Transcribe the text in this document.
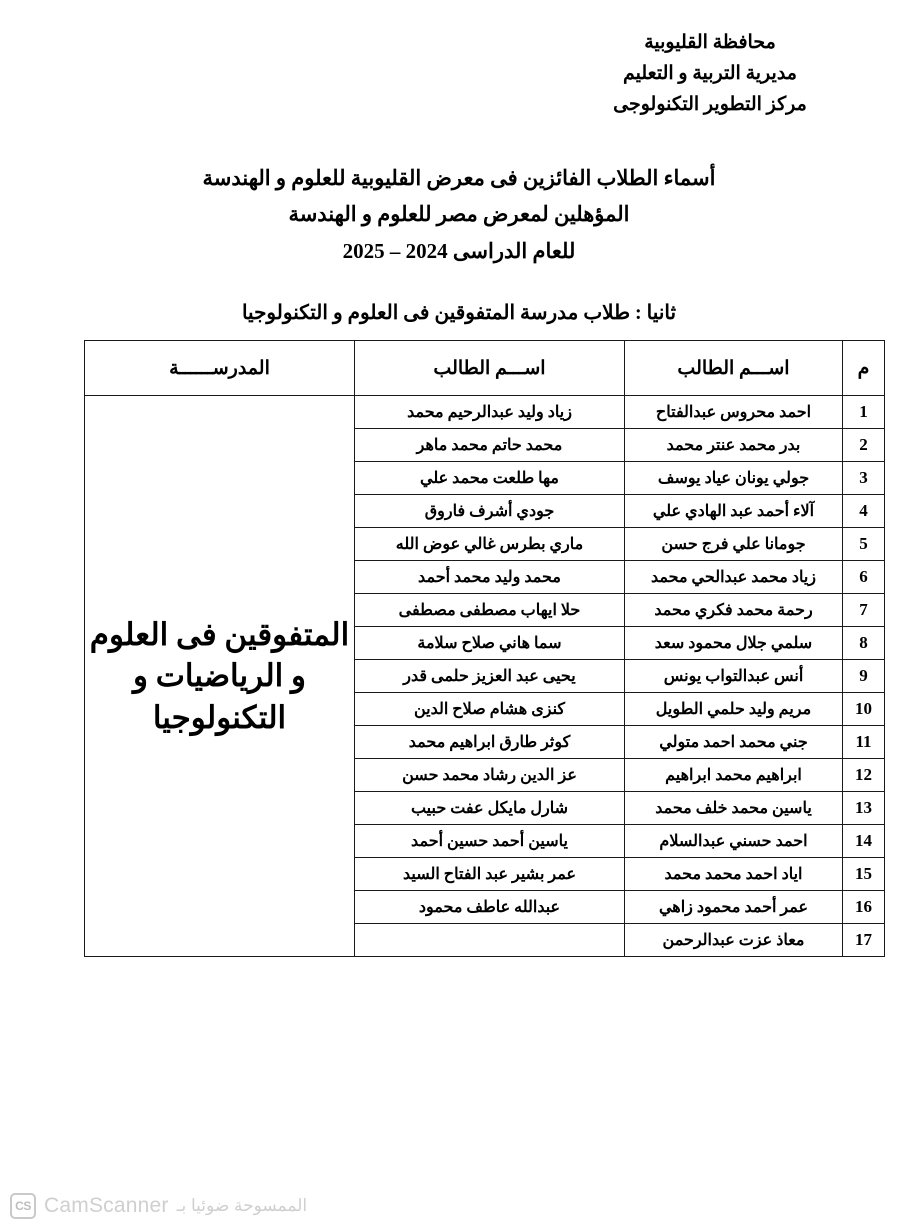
محافظة القليوبية
مديرية التربية و التعليم
مركز التطوير التكنولوجى
أسماء الطلاب الفائزين فى معرض القليوبية للعلوم و الهندسة
المؤهلين لمعرض مصر للعلوم و الهندسة
للعام الدراسى 2024 – 2025
ثانيا : طلاب مدرسة المتفوقين فى العلوم و التكنولوجيا
م	اســـم الطالب	اســـم الطالب	المدرســــــة
1	احمد محروس عبدالفتاح	زياد وليد عبدالرحيم محمد	المتفوقين فى العلوم و الرياضيات و التكنولوجيا

2	بدر محمد عنتر محمد	محمد حاتم محمد ماهر	
3	جولي يونان عياد يوسف	مها طلعت محمد علي	
4	آلاء أحمد عبد الهادي علي	جودي أشرف فاروق	
5	جومانا علي فرج حسن	ماري بطرس غالي عوض الله	
6	زياد محمد عبدالحي محمد	محمد وليد محمد أحمد	
7	رحمة محمد فكري محمد	حلا ايهاب مصطفى مصطفى	
8	سلمي جلال محمود سعد	سما هاني صلاح سلامة	
9	أنس عبدالتواب يونس	يحيى عبد العزيز حلمى قدر	
10	مريم وليد حلمي الطويل	كنزى هشام صلاح الدين	
11	جني محمد احمد متولي	كوثر طارق ابراهيم محمد	
12	ابراهيم محمد ابراهيم	عز الدين رشاد محمد حسن	
13	ياسين محمد خلف محمد	شارل مايكل عفت حبيب	
14	احمد حسني عبدالسلام	ياسين أحمد حسين أحمد	
15	اياد احمد محمد محمد	عمر بشير عبد الفتاح السيد	
16	عمر أحمد محمود زاهي	عبدالله عاطف محمود	
17	معاذ عزت عبدالرحمن		
CS CamScanner الممسوحة ضوئيا بـ
